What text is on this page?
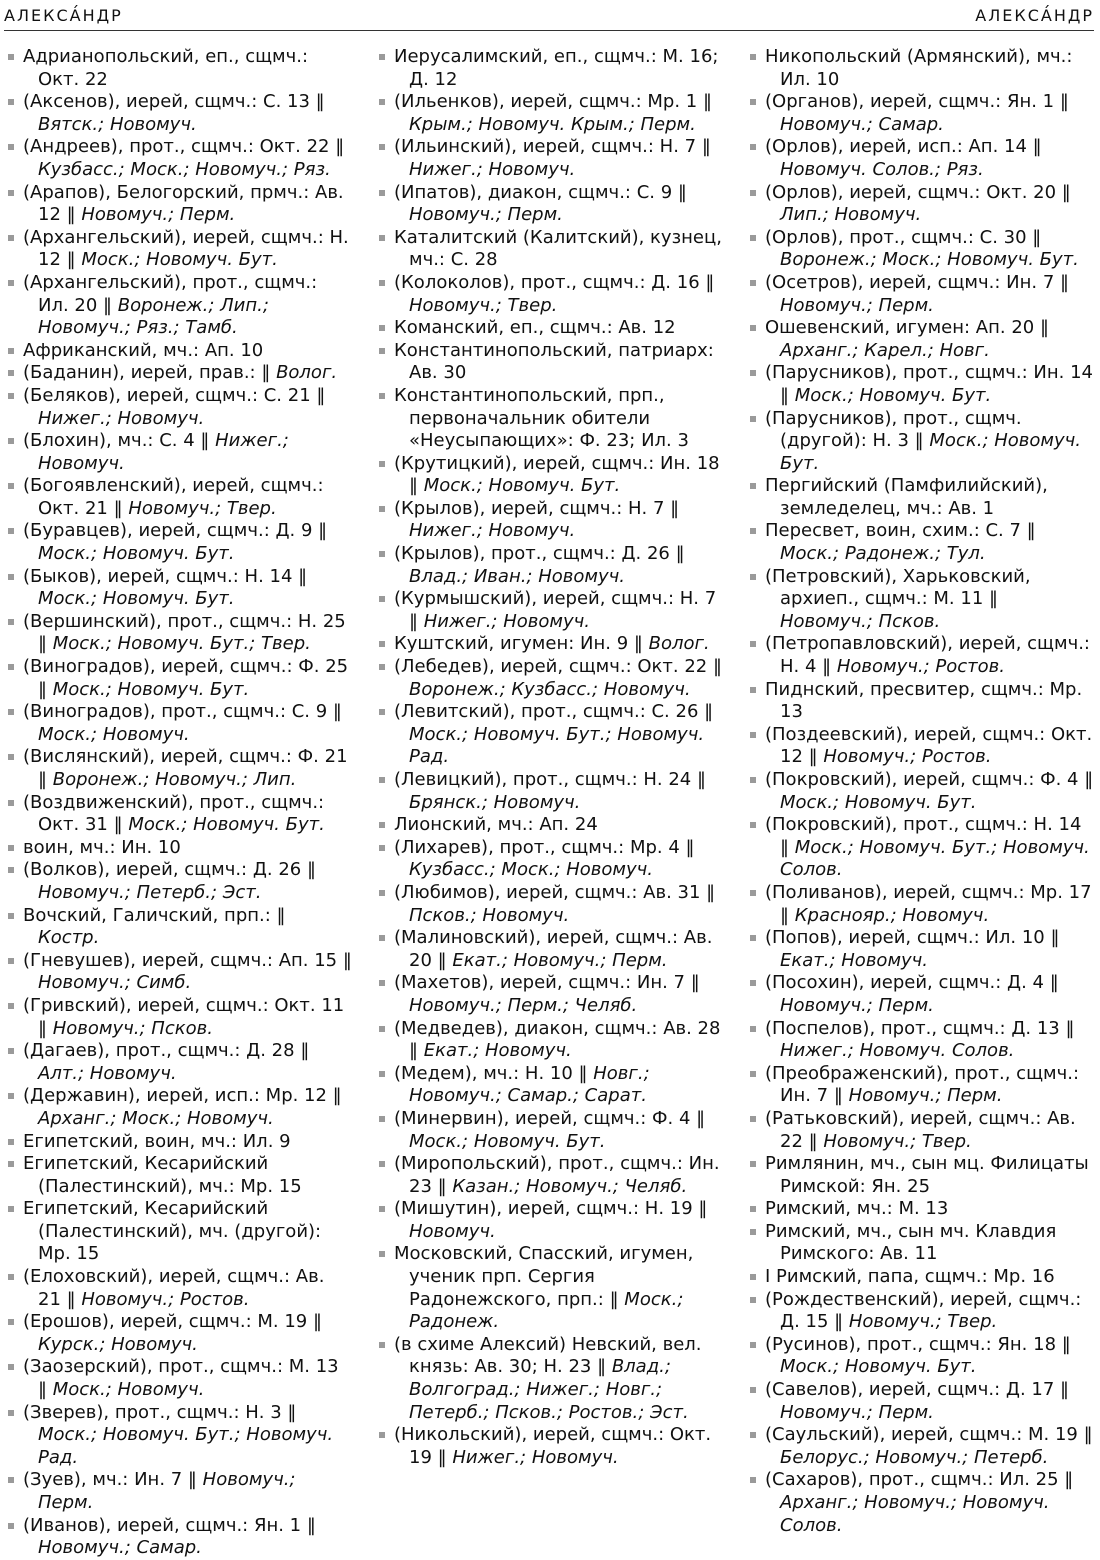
АЛЕКСА́НДР	АЛЕКСА́НДР
Адрианопольский, еп., сщмч.: Окт. 22
(Аксенов), иерей, сщмч.: С. 13 ‖ Вятск.; Новомуч.
(Андреев), прот., сщмч.: Окт. 22 ‖ Кузбасс.; Моск.; Новомуч.; Ряз.
(Арапов), Белогорский, прмч.: Ав. 12 ‖ Новомуч.; Перм.
(Архангельский), иерей, сщмч.: Н. 12 ‖ Моск.; Новомуч. Бут.
(Архангельский), прот., сщмч.: Ил. 20 ‖ Воронеж.; Лип.; Новомуч.; Ряз.; Тамб.
Африканский, мч.: Ап. 10
(Баданин), иерей, прав.: ‖ Волог.
(Беляков), иерей, сщмч.: С. 21 ‖ Нижег.; Новомуч.
(Блохин), мч.: С. 4 ‖ Нижег.; Новомуч.
(Богоявленский), иерей, сщмч.: Окт. 21 ‖ Новомуч.; Твер.
(Буравцев), иерей, сщмч.: Д. 9 ‖ Моск.; Новомуч. Бут.
(Быков), иерей, сщмч.: Н. 14 ‖ Моск.; Новомуч. Бут.
(Вершинский), прот., сщмч.: Н. 25 ‖ Моск.; Новомуч. Бут.; Твер.
(Виноградов), иерей, сщмч.: Ф. 25 ‖ Моск.; Новомуч. Бут.
(Виноградов), прот., сщмч.: С. 9 ‖ Моск.; Новомуч.
(Вислянский), иерей, сщмч.: Ф. 21 ‖ Воронеж.; Новомуч.; Лип.
(Воздвиженский), прот., сщмч.: Окт. 31 ‖ Моск.; Новомуч. Бут.
воин, мч.: Ин. 10
(Волков), иерей, сщмч.: Д. 26 ‖ Новомуч.; Петерб.; Эст.
Вочский, Галичский, прп.: ‖ Костр.
(Гневушев), иерей, сщмч.: Ап. 15 ‖ Новомуч.; Симб.
(Гривский), иерей, сщмч.: Окт. 11 ‖ Новомуч.; Псков.
(Дагаев), прот., сщмч.: Д. 28 ‖ Алт.; Новомуч.
(Державин), иерей, исп.: Мр. 12 ‖ Арханг.; Моск.; Новомуч.
Египетский, воин, мч.: Ил. 9
Египетский, Кесарийский (Палестинский), мч.: Мр. 15
Египетский, Кесарийский (Палестинский), мч. (другой): Мр. 15
(Елоховский), иерей, сщмч.: Ав. 21 ‖ Новомуч.; Ростов.
(Ерошов), иерей, сщмч.: М. 19 ‖ Курск.; Новомуч.
(Заозерский), прот., сщмч.: М. 13 ‖ Моск.; Новомуч.
(Зверев), прот., сщмч.: Н. 3 ‖ Моск.; Новомуч. Бут.; Новомуч. Рад.
(Зуев), мч.: Ин. 7 ‖ Новомуч.; Перм.
(Иванов), иерей, сщмч.: Ян. 1 ‖ Новомуч.; Самар.
Иерусалимский, еп., сщмч.: М. 16; Д. 12
(Ильенков), иерей, сщмч.: Мр. 1 ‖ Крым.; Новомуч. Крым.; Перм.
(Ильинский), иерей, сщмч.: Н. 7 ‖ Нижег.; Новомуч.
(Ипатов), диакон, сщмч.: С. 9 ‖ Новомуч.; Перм.
Каталитский (Калитский), кузнец, мч.: С. 28
(Колоколов), прот., сщмч.: Д. 16 ‖ Новомуч.; Твер.
Команский, еп., сщмч.: Ав. 12
Константинопольский, патриарх: Ав. 30
Константинопольский, прп., первоначальник обители «Неусыпающих»: Ф. 23; Ил. 3
(Крутицкий), иерей, сщмч.: Ин. 18 ‖ Моск.; Новомуч. Бут.
(Крылов), иерей, сщмч.: Н. 7 ‖ Нижег.; Новомуч.
(Крылов), прот., сщмч.: Д. 26 ‖ Влад.; Иван.; Новомуч.
(Курмышский), иерей, сщмч.: Н. 7 ‖ Нижег.; Новомуч.
Куштский, игумен: Ин. 9 ‖ Волог.
(Лебедев), иерей, сщмч.: Окт. 22 ‖ Воронеж.; Кузбасс.; Новомуч.
(Левитский), прот., сщмч.: С. 26 ‖ Моск.; Новомуч. Бут.; Новомуч. Рад.
(Левицкий), прот., сщмч.: Н. 24 ‖ Брянск.; Новомуч.
Лионский, мч.: Ап. 24
(Лихарев), прот., сщмч.: Мр. 4 ‖ Кузбасс.; Моск.; Новомуч.
(Любимов), иерей, сщмч.: Ав. 31 ‖ Псков.; Новомуч.
(Малиновский), иерей, сщмч.: Ав. 20 ‖ Екат.; Новомуч.; Перм.
(Махетов), иерей, сщмч.: Ин. 7 ‖ Новомуч.; Перм.; Челяб.
(Медведев), диакон, сщмч.: Ав. 28 ‖ Екат.; Новомуч.
(Медем), мч.: Н. 10 ‖ Новг.; Новомуч.; Самар.; Сарат.
(Минервин), иерей, сщмч.: Ф. 4 ‖ Моск.; Новомуч. Бут.
(Миропольский), прот., сщмч.: Ин. 23 ‖ Казан.; Новомуч.; Челяб.
(Мишутин), иерей, сщмч.: Н. 19 ‖ Новомуч.
Московский, Спасский, игумен, ученик прп. Сергия Радонежского, прп.: ‖ Моск.; Радонеж.
(в схиме Алексий) Невский, вел. князь: Ав. 30; Н. 23 ‖ Влад.; Волгоград.; Нижег.; Новг.; Петерб.; Псков.; Ростов.; Эст.
(Никольский), иерей, сщмч.: Окт. 19 ‖ Нижег.; Новомуч.
Никопольский (Армянский), мч.: Ил. 10
(Органов), иерей, сщмч.: Ян. 1 ‖ Новомуч.; Самар.
(Орлов), иерей, исп.: Ап. 14 ‖ Новомуч. Солов.; Ряз.
(Орлов), иерей, сщмч.: Окт. 20 ‖ Лип.; Новомуч.
(Орлов), прот., сщмч.: С. 30 ‖ Воронеж.; Моск.; Новомуч. Бут.
(Осетров), иерей, сщмч.: Ин. 7 ‖ Новомуч.; Перм.
Ошевенский, игумен: Ап. 20 ‖ Арханг.; Карел.; Новг.
(Парусников), прот., сщмч.: Ин. 14 ‖ Моск.; Новомуч. Бут.
(Парусников), прот., сщмч. (другой): Н. 3 ‖ Моск.; Новомуч. Бут.
Пергийский (Памфилийский), земледелец, мч.: Ав. 1
Пересвет, воин, схим.: С. 7 ‖ Моск.; Радонеж.; Тул.
(Петровский), Харьковский, архиеп., сщмч.: М. 11 ‖ Новомуч.; Псков.
(Петропавловский), иерей, сщмч.: Н. 4 ‖ Новомуч.; Ростов.
Пиднский, пресвитер, сщмч.: Мр. 13
(Поздеевский), иерей, сщмч.: Окт. 12 ‖ Новомуч.; Ростов.
(Покровский), иерей, сщмч.: Ф. 4 ‖ Моск.; Новомуч. Бут.
(Покровский), прот., сщмч.: Н. 14 ‖ Моск.; Новомуч. Бут.; Новомуч. Солов.
(Поливанов), иерей, сщмч.: Мр. 17 ‖ Краснояр.; Новомуч.
(Попов), иерей, сщмч.: Ил. 10 ‖ Екат.; Новомуч.
(Посохин), иерей, сщмч.: Д. 4 ‖ Новомуч.; Перм.
(Поспелов), прот., сщмч.: Д. 13 ‖ Нижег.; Новомуч. Солов.
(Преображенский), прот., сщмч.: Ин. 7 ‖ Новомуч.; Перм.
(Ратьковский), иерей, сщмч.: Ав. 22 ‖ Новомуч.; Твер.
Римлянин, мч., сын мц. Филицаты Римской: Ян. 25
Римский, мч.: М. 13
Римский, мч., сын мч. Клавдия Римского: Ав. 11
I Римский, папа, сщмч.: Мр. 16
(Рождественский), иерей, сщмч.: Д. 15 ‖ Новомуч.; Твер.
(Русинов), прот., сщмч.: Ян. 18 ‖ Моск.; Новомуч. Бут.
(Савелов), иерей, сщмч.: Д. 17 ‖ Новомуч.; Перм.
(Саульский), иерей, сщмч.: М. 19 ‖ Белорус.; Новомуч.; Петерб.
(Сахаров), прот., сщмч.: Ил. 25 ‖ Арханг.; Новомуч.; Новомуч. Солов.
